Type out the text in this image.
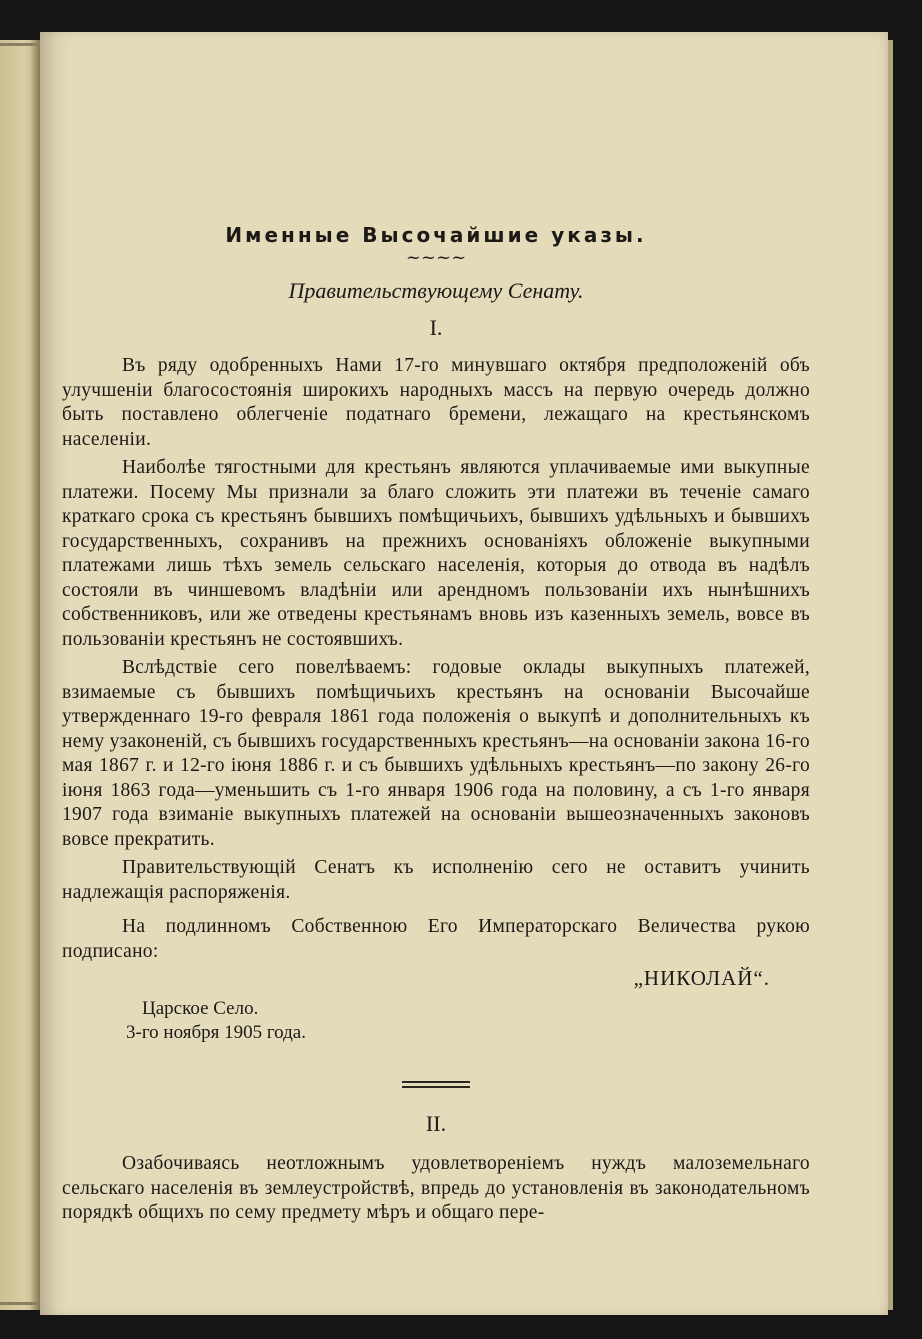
Именные Высочайшие указы.
~~~~
Правительствующему Сенату.
I.

Въ ряду одобренныхъ Нами 17-го минувшаго октября предположеній объ улучшеніи благосостоянія широкихъ народныхъ массъ на первую очередь должно быть поставлено облегченіе податнаго бремени, лежащаго на крестьянскомъ населеніи.

Наиболѣе тягостными для крестьянъ являются уплачиваемые ими выкупные платежи. Посему Мы признали за благо сложить эти платежи въ теченіе самаго краткаго срока съ крестьянъ бывшихъ помѣщичьихъ, бывшихъ удѣльныхъ и бывшихъ государственныхъ, сохранивъ на прежнихъ основаніяхъ обложеніе выкупными платежами лишь тѣхъ земель сельскаго населенія, которыя до отвода въ надѣлъ состояли въ чиншевомъ владѣніи или арендномъ пользованіи ихъ нынѣшнихъ собственниковъ, или же отведены крестьянамъ вновь изъ казенныхъ земель, вовсе въ пользованіи крестьянъ не состоявшихъ.

Вслѣдствіе сего повелѣваемъ: годовые оклады выкупныхъ платежей, взимаемые съ бывшихъ помѣщичьихъ крестьянъ на основаніи Высочайше утвержденнаго 19-го февраля 1861 года положенія о выкупѣ и дополнительныхъ къ нему узаконеній, съ бывшихъ государственныхъ крестьянъ—на основаніи закона 16-го мая 1867 г. и 12-го іюня 1886 г. и съ бывшихъ удѣльныхъ крестьянъ—по закону 26-го іюня 1863 года—уменьшить съ 1-го января 1906 года на половину, а съ 1-го января 1907 года взиманіе выкупныхъ платежей на основаніи вышеозначенныхъ законовъ вовсе прекратить.

Правительствующій Сенатъ къ исполненію сего не оставитъ учинить надлежащія распоряженія.

На подлинномъ Собственною Его Императорскаго Величества рукою подписано:
„НИКОЛАЙ“.
Царское Село.
3-го ноября 1905 года.
II.

Озабочиваясь неотложнымъ удовлетвореніемъ нуждъ малоземельнаго сельскаго населенія въ землеустройствѣ, впредь до установленія въ законодательномъ порядкѣ общихъ по сему предмету мѣръ и общаго пере-
